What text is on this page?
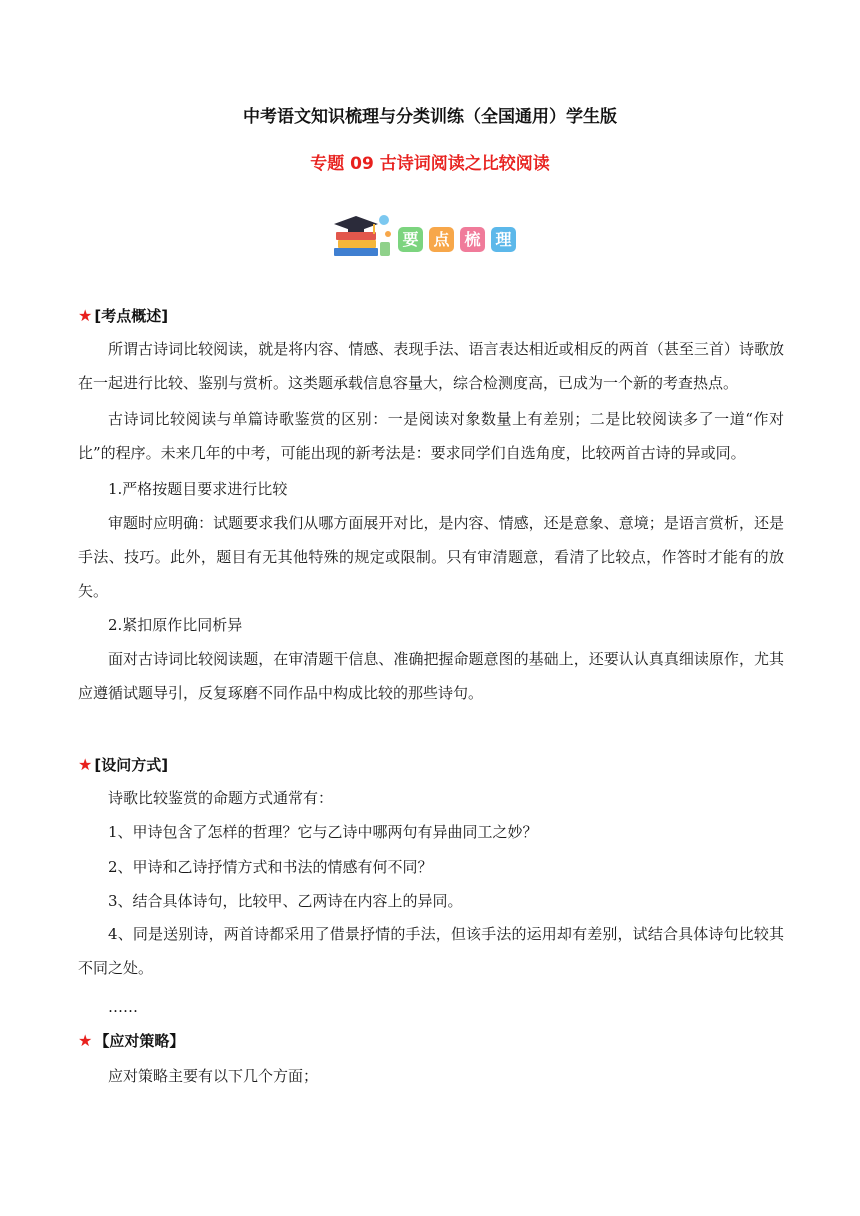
中考语文知识梳理与分类训练（全国通用）学生版
专题 09 古诗词阅读之比较阅读
要 点 梳 理
★ [考点概述]
所谓古诗词比较阅读，就是将内容、情感、表现手法、语言表达相近或相反的两首（甚至三首）诗歌放在一起进行比较、鉴别与赏析。这类题承载信息容量大，综合检测度高，已成为一个新的考查热点。
古诗词比较阅读与单篇诗歌鉴赏的区别：一是阅读对象数量上有差别；二是比较阅读多了一道“作对比”的程序。未来几年的中考，可能出现的新考法是：要求同学们自选角度，比较两首古诗的异或同。
1.严格按题目要求进行比较
审题时应明确：试题要求我们从哪方面展开对比，是内容、情感，还是意象、意境；是语言赏析，还是手法、技巧。此外，题目有无其他特殊的规定或限制。只有审清题意，看清了比较点，作答时才能有的放矢。
2.紧扣原作比同析异
面对古诗词比较阅读题，在审清题干信息、准确把握命题意图的基础上，还要认认真真细读原作，尤其应遵循试题导引，反复琢磨不同作品中构成比较的那些诗句。
★ [设问方式]
诗歌比较鉴赏的命题方式通常有：
1、甲诗包含了怎样的哲理？它与乙诗中哪两句有异曲同工之妙？
2、甲诗和乙诗抒情方式和书法的情感有何不同？
3、结合具体诗句，比较甲、乙两诗在内容上的异同。
4、同是送别诗，两首诗都采用了借景抒情的手法，但该手法的运用却有差别，试结合具体诗句比较其不同之处。
……
★ 【应对策略】
应对策略主要有以下几个方面；
